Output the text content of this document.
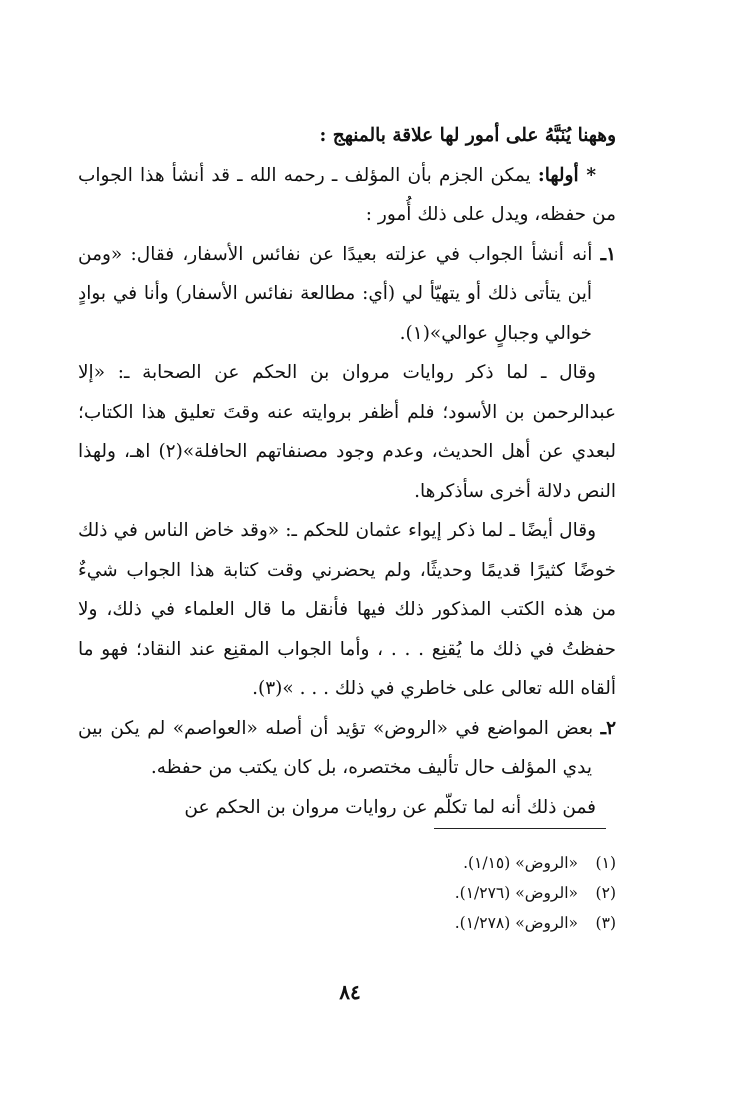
وههنا يُنَبَّهُ على أمور لها علاقة بالمنهج :

* أولها: يمكن الجزم بأن المؤلف ـ رحمه الله ـ قد أنشأ هذا الجواب من حفظه، ويدل على ذلك أُمور :

١ـ أنه أنشأ الجواب في عزلته بعيدًا عن نفائس الأسفار، فقال: «ومن أين يتأتى ذلك أو يتهيّأ لي (أي: مطالعة نفائس الأسفار) وأنا في بوادٍ خوالي وجبالٍ عوالي»(١).

وقال ـ لما ذكر روايات مروان بن الحكم عن الصحابة ـ: «إلا عبدالرحمن بن الأسود؛ فلم أظفر بروايته عنه وقتَ تعليق هذا الكتاب؛ لبعدي عن أهل الحديث، وعدم وجود مصنفاتهم الحافلة»(٢) اهـ، ولهذا النص دلالة أخرى سأذكرها.

وقال أيضًا ـ لما ذكر إيواء عثمان للحكم ـ: «وقد خاض الناس في ذلك خوضًا كثيرًا قديمًا وحديثًا، ولم يحضرني وقت كتابة هذا الجواب شيءٌ من هذه الكتب المذكور ذلك فيها فأنقل ما قال العلماء في ذلك، ولا حفظتُ في ذلك ما يُقنِع . . . ، وأما الجواب المقنِع عند النقاد؛ فهو ما ألقاه الله تعالى على خاطري في ذلك . . . »(٣).

٢ـ بعض المواضع في «الروض» تؤيد أن أصله «العواصم» لم يكن بين يدي المؤلف حال تأليف مختصره، بل كان يكتب من حفظه.

فمن ذلك أنه لما تكلّم عن روايات مروان بن الحكم عن

(١)«الروض» (١/١٥).
(٢)«الروض» (١/٢٧٦).
(٣)«الروض» (١/٢٧٨).
٨٤
